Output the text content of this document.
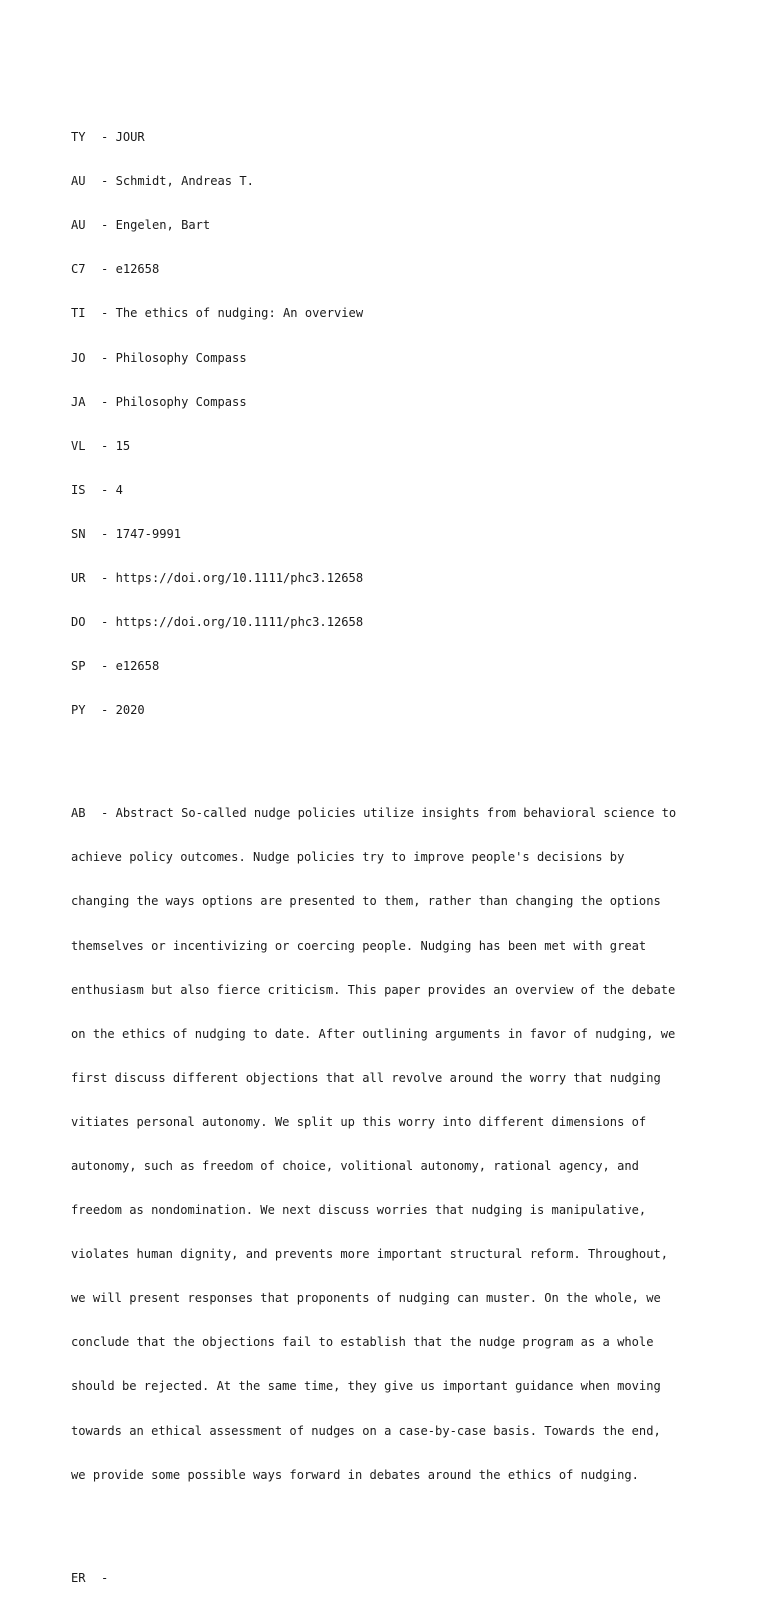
TY - JOUR

AU - Schmidt, Andreas T.

AU - Engelen, Bart

C7 - e12658

TI - The ethics of nudging: An overview

JO - Philosophy Compass

JA - Philosophy Compass

VL - 15

IS - 4

SN - 1747-9991

UR - https://doi.org/10.1111/phc3.12658

DO - https://doi.org/10.1111/phc3.12658

SP - e12658

PY - 2020

AB - Abstract So-called nudge policies utilize insights from behavioral science to

achieve policy outcomes. Nudge policies try to improve people's decisions by

changing the ways options are presented to them, rather than changing the options

themselves or incentivizing or coercing people. Nudging has been met with great

enthusiasm but also fierce criticism. This paper provides an overview of the debate

on the ethics of nudging to date. After outlining arguments in favor of nudging, we

first discuss different objections that all revolve around the worry that nudging

vitiates personal autonomy. We split up this worry into different dimensions of

autonomy, such as freedom of choice, volitional autonomy, rational agency, and

freedom as nondomination. We next discuss worries that nudging is manipulative,

violates human dignity, and prevents more important structural reform. Throughout,

we will present responses that proponents of nudging can muster. On the whole, we

conclude that the objections fail to establish that the nudge program as a whole

should be rejected. At the same time, they give us important guidance when moving

towards an ethical assessment of nudges on a case-by-case basis. Towards the end,

we provide some possible ways forward in debates around the ethics of nudging.

ER -
